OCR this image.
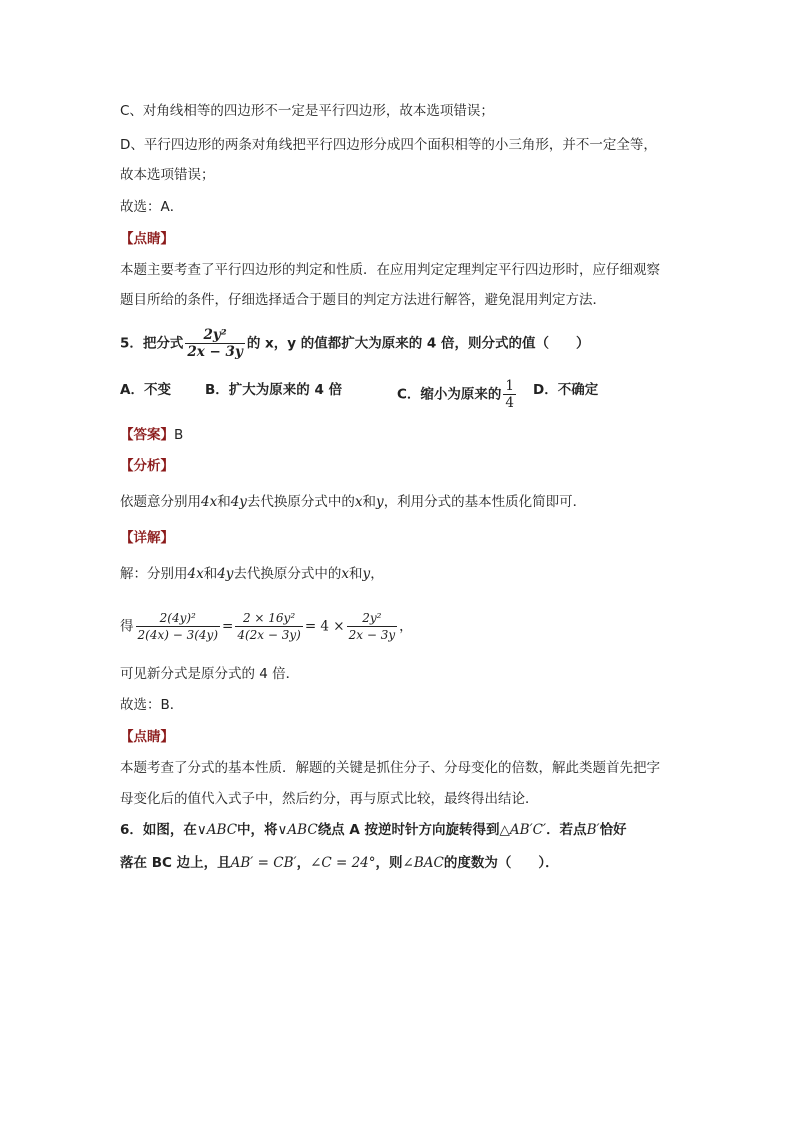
C、对角线相等的四边形不一定是平行四边形，故本选项错误；
D、平行四边形的两条对角线把平行四边形分成四个面积相等的小三角形，并不一定全等，
故本选项错误；
故选：A．
【点睛】
本题主要考查了平行四边形的判定和性质．在应用判定定理判定平行四边形时，应仔细观察
题目所给的条件，仔细选择适合于题目的判定方法进行解答，避免混用判定方法．
5．把分式 $\frac{\text{2y²}}{2x - 3y}$ 的 x，y 的值都扩大为原来的 4 倍，则分式的值（　　）
A．不变	B．扩大为原来的 4 倍	C．缩小为原来的 $\frac{1}{4}$ D．不确定
【答案】B
【分析】
依题意分别用4x和4y去代换原分式中的x和y，利用分式的基本性质化简即可．
【详解】
解：分别用4x和4y去代换原分式中的x和y，
得 $\frac{\text{2(4y)²}}{2(4x) - 3(4y)} = \frac{\text{2 × 16y²}}{4(2x - 3y)} = 4 \times \frac{\text{2y²}}{2x - 3y}$ ，
可见新分式是原分式的 4 倍．
故选：B．
【点睛】
本题考查了分式的基本性质．解题的关键是抓住分子、分母变化的倍数，解此类题首先把字
母变化后的值代入式子中，然后约分，再与原式比较，最终得出结论．
6．如图，在∨ABC中，将∨ABC绕点 A 按逆时针方向旋转得到△AB′C′．若点B′恰好
落在 BC 边上，且AB′ = CB′，∠C = 24°，则∠BAC的度数为（　　）．
